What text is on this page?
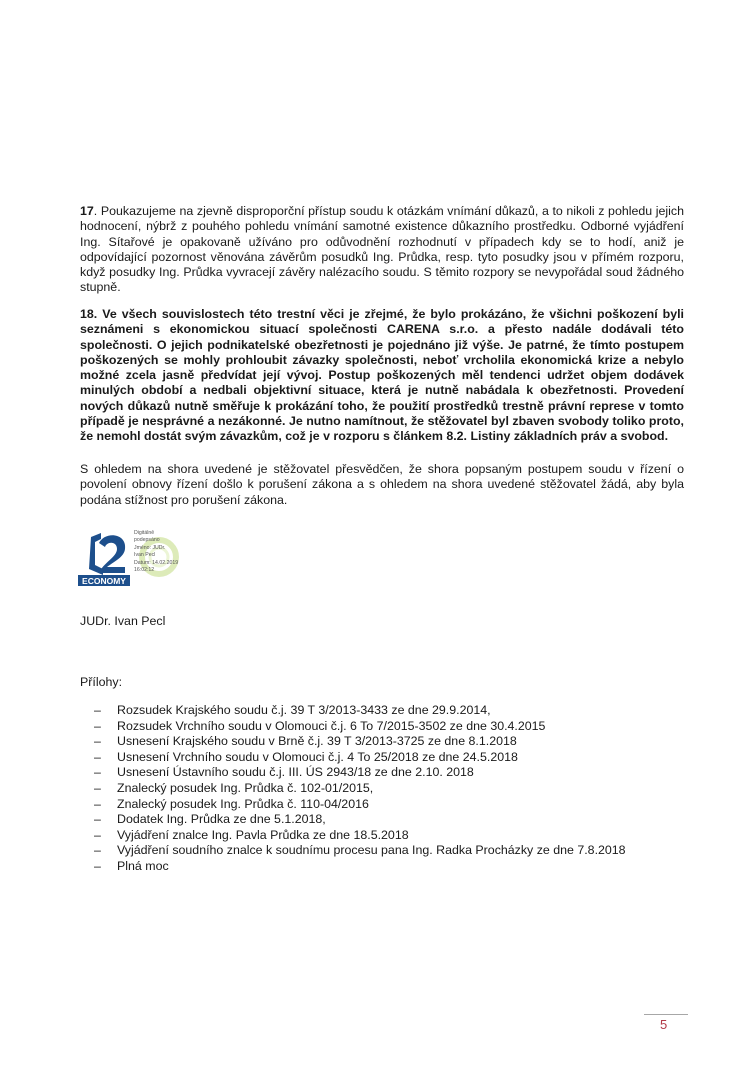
17. Poukazujeme na zjevně disproporční přístup soudu k otázkám vnímání důkazů, a to nikoli z pohledu jejich hodnocení, nýbrž z pouhého pohledu vnímání samotné existence důkazního prostředku. Odborné vyjádření Ing. Sítařové je opakovaně užíváno pro odůvodnění rozhodnutí v případech kdy se to hodí, aniž je odpovídající pozornost věnována závěrům posudků Ing. Průdka, resp. tyto posudky jsou v přímém rozporu, když posudky Ing. Průdka vyvracejí závěry nalézacího soudu. S těmito rozpory se nevypořádal soud žádného stupně.

18. Ve všech souvislostech této trestní věci je zřejmé, že bylo prokázáno, že všichni poškození byli seznámeni s ekonomickou situací společnosti CARENA s.r.o. a přesto nadále dodávali této společnosti. O jejich podnikatelské obezřetnosti je pojednáno již výše. Je patrné, že tímto postupem poškozených se mohly prohloubit závazky společnosti, neboť vrcholila ekonomická krize a nebylo možné zcela jasně předvídat její vývoj. Postup poškozených měl tendenci udržet objem dodávek minulých období a nedbali objektivní situace, která je nutně nabádala k obezřetnosti. Provedení nových důkazů nutně směřuje k prokázání toho, že použití prostředků trestně právní represe v tomto případě je nesprávné a nezákonné. Je nutno namítnout, že stěžovatel byl zbaven svobody toliko proto, že nemohl dostát svým závazkům, což je v rozporu s článkem 8.2. Listiny základních práv a svobod.

S ohledem na shora uvedené je stěžovatel přesvědčen, že shora popsaným postupem soudu v řízení o povolení obnovy řízení došlo k porušení zákona a s ohledem na shora uvedené stěžovatel žádá, aby byla podána stížnost pro porušení zákona.

ECONOMY
Digitálně
podepsáno
Jméno: JUDr.
Ivan Pecl
Datum: 14.02.2019
16:02:12
JUDr. Ivan Pecl
Přílohy:
– Rozsudek Krajského soudu č.j. 39 T 3/2013-3433 ze dne 29.9.2014,
– Rozsudek Vrchního soudu v Olomouci č.j. 6 To 7/2015-3502 ze dne 30.4.2015
– Usnesení Krajského soudu v Brně č.j. 39 T 3/2013-3725 ze dne 8.1.2018
– Usnesení Vrchního soudu v Olomouci č.j. 4 To 25/2018 ze dne 24.5.2018
– Usnesení Ústavního soudu č.j. III. ÚS 2943/18 ze dne 2.10. 2018
– Znalecký posudek Ing. Průdka č. 102-01/2015,
– Znalecký posudek Ing. Průdka č. 110-04/2016
– Dodatek Ing. Průdka ze dne 5.1.2018,
– Vyjádření znalce Ing. Pavla Průdka ze dne 18.5.2018
– Vyjádření soudního znalce k soudnímu procesu pana Ing. Radka Procházky ze dne 7.8.2018
– Plná moc
5
